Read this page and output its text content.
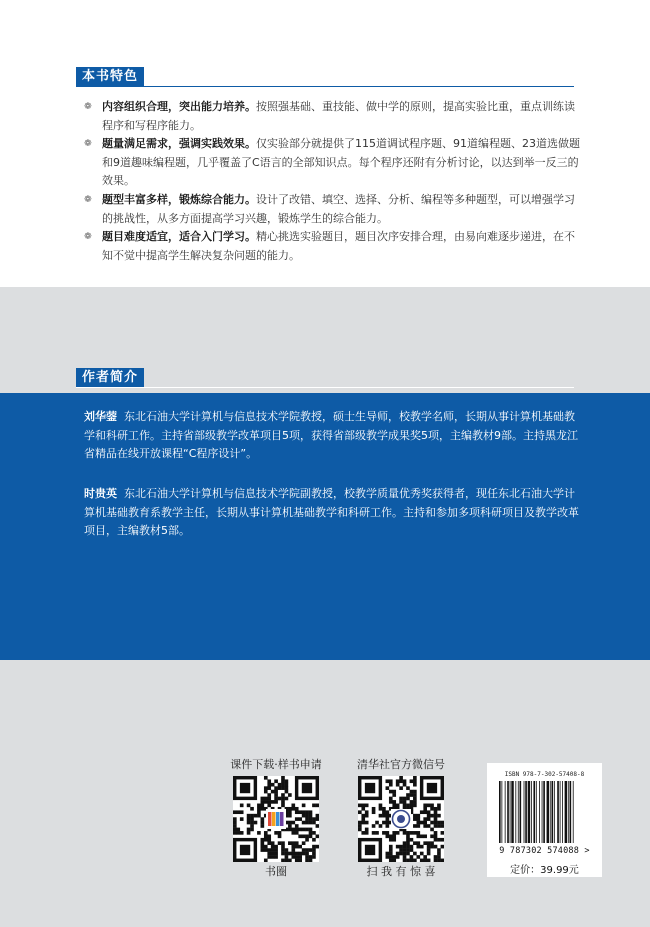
本书特色
❁ 内容组织合理，突出能力培养。按照强基础、重技能、做中学的原则，提高实验比重，重点训练读程序和写程序能力。
❁ 题量满足需求，强调实践效果。仅实验部分就提供了115道调试程序题、91道编程题、23道选做题和9道趣味编程题，几乎覆盖了C语言的全部知识点。每个程序还附有分析讨论，以达到举一反三的效果。
❁ 题型丰富多样，锻炼综合能力。设计了改错、填空、选择、分析、编程等多种题型，可以增强学习的挑战性，从多方面提高学习兴趣，锻炼学生的综合能力。
❁ 题目难度适宜，适合入门学习。精心挑选实验题目，题目次序安排合理，由易向难逐步递进，在不知不觉中提高学生解决复杂问题的能力。
作者简介
刘华蓥 东北石油大学计算机与信息技术学院教授，硕士生导师，校教学名师，长期从事计算机基础教学和科研工作。主持省部级教学改革项目5项，获得省部级教学成果奖5项，主编教材9部。主持黑龙江省精品在线开放课程“C程序设计”。
时贵英 东北石油大学计算机与信息技术学院副教授，校教学质量优秀奖获得者，现任东北石油大学计算机基础教育系教学主任，长期从事计算机基础教学和科研工作。主持和参加多项科研项目及教学改革项目，主编教材5部。
课件下载·样书申请
书圈
清华社官方微信号
扫 我 有 惊 喜
ISBN 978-7-302-57408-8
9 787302 574088 >
定价：39.99元
